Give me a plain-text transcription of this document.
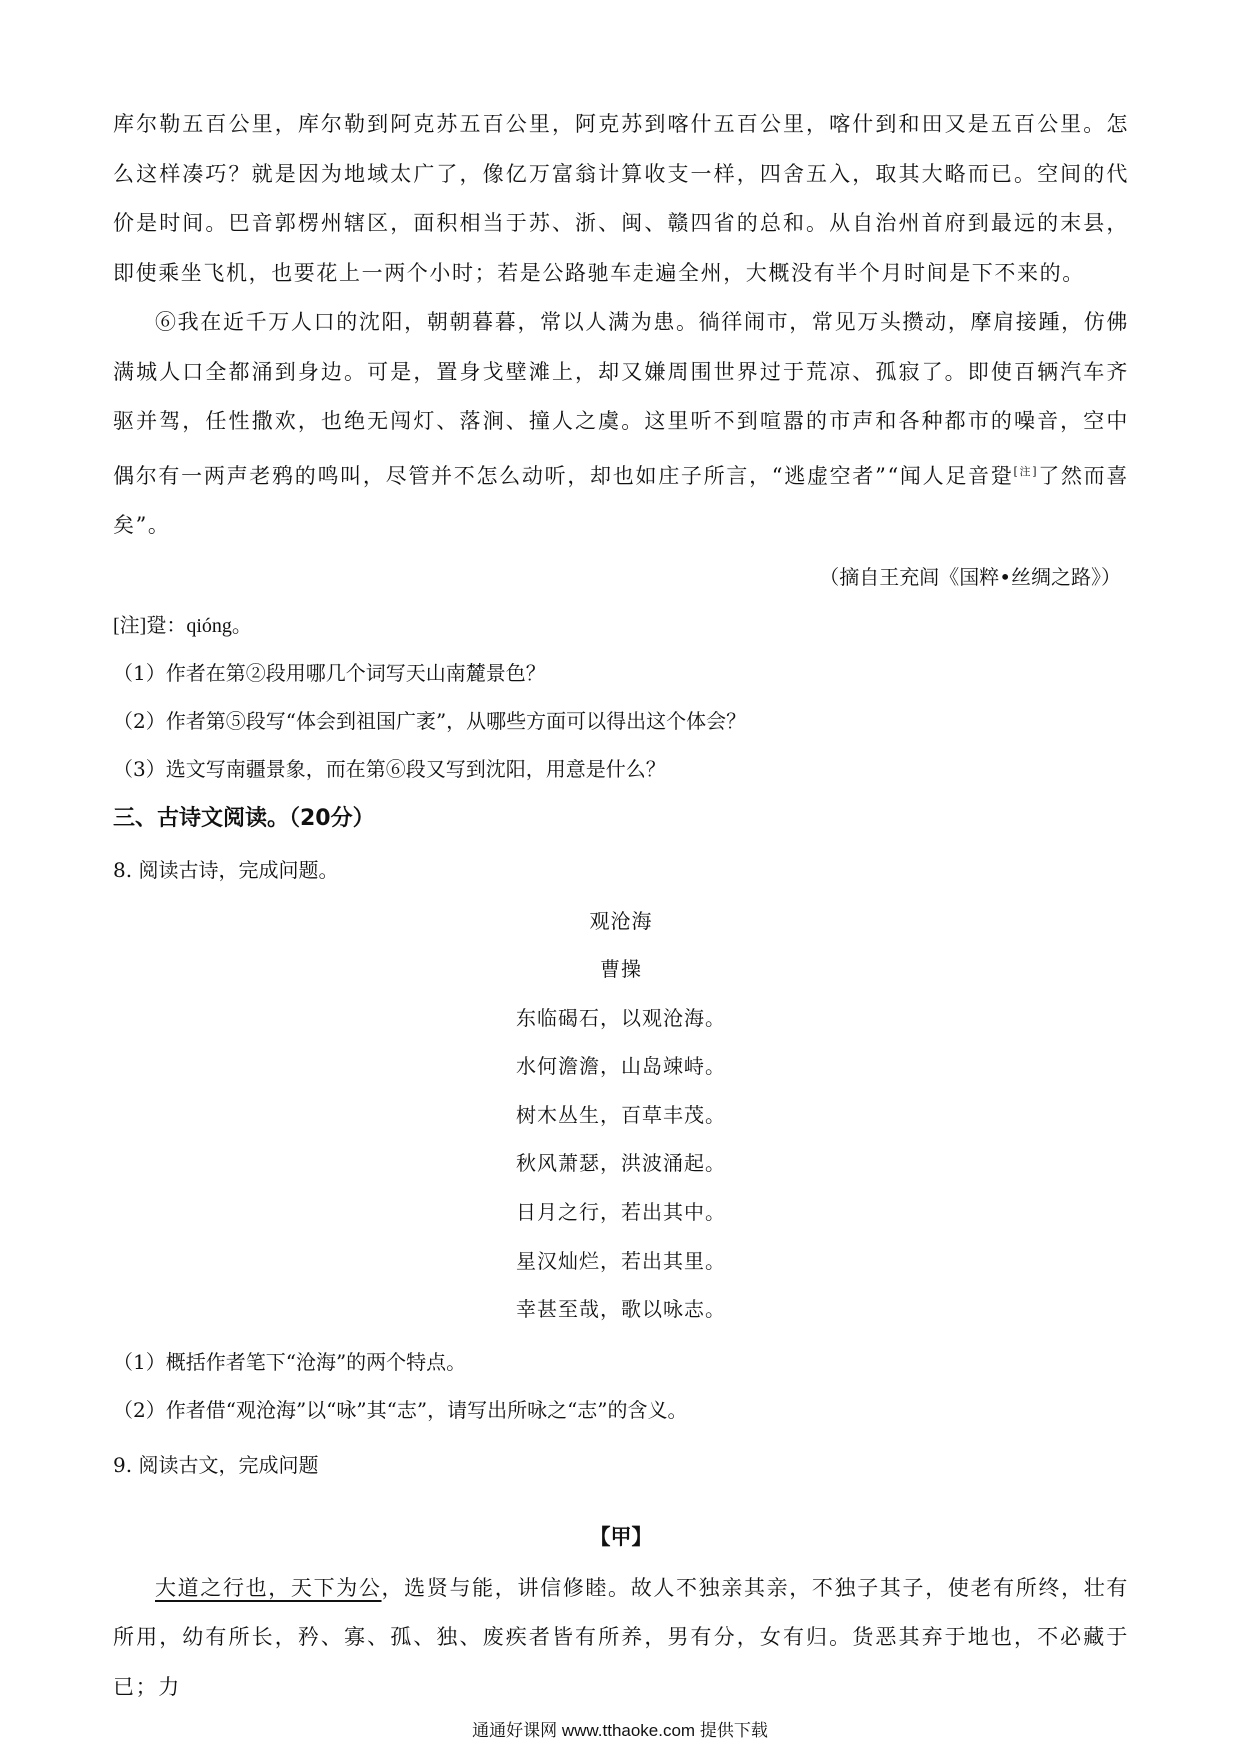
库尔勒五百公里，库尔勒到阿克苏五百公里，阿克苏到喀什五百公里，喀什到和田又是五百公里。怎么这样凑巧？就是因为地域太广了，像亿万富翁计算收支一样，四舍五入，取其大略而已。空间的代价是时间。巴音郭楞州辖区，面积相当于苏、浙、闽、赣四省的总和。从自治州首府到最远的末县，即使乘坐飞机，也要花上一两个小时；若是公路驰车走遍全州，大概没有半个月时间是下不来的。

⑥我在近千万人口的沈阳，朝朝暮暮，常以人满为患。徜徉闹市，常见万头攒动，摩肩接踵，仿佛满城人口全都涌到身边。可是，置身戈壁滩上，却又嫌周围世界过于荒凉、孤寂了。即使百辆汽车齐驱并驾，任性撒欢，也绝无闯灯、落涧、撞人之虞。这里听不到喧嚣的市声和各种都市的噪音，空中偶尔有一两声老鸦的鸣叫，尽管并不怎么动听，却也如庄子所言，“逃虚空者”“闻人足音跫[注]了然而喜矣”。

（摘自王充闾《国粹•丝绸之路》）

[注]跫：qióng。

（1）作者在第②段用哪几个词写天山南麓景色？

（2）作者第⑤段写“体会到祖国广袤”，从哪些方面可以得出这个体会？

（3）选文写南疆景象，而在第⑥段又写到沈阳，用意是什么？

三、古诗文阅读。（20分）

8. 阅读古诗，完成问题。

观沧海

曹操

东临碣石，以观沧海。

水何澹澹，山岛竦峙。

树木丛生，百草丰茂。

秋风萧瑟，洪波涌起。

日月之行，若出其中。

星汉灿烂，若出其里。

幸甚至哉，歌以咏志。

（1）概括作者笔下“沧海”的两个特点。

（2）作者借“观沧海”以“咏”其“志”，请写出所咏之“志”的含义。

9. 阅读古文，完成问题

【甲】

大道之行也，天下为公，选贤与能，讲信修睦。故人不独亲其亲，不独子其子，使老有所终，壮有所用，幼有所长，矜、寡、孤、独、废疾者皆有所养，男有分，女有归。货恶其弃于地也，不必藏于已；力

通通好课网 www.tthaoke.com 提供下载
